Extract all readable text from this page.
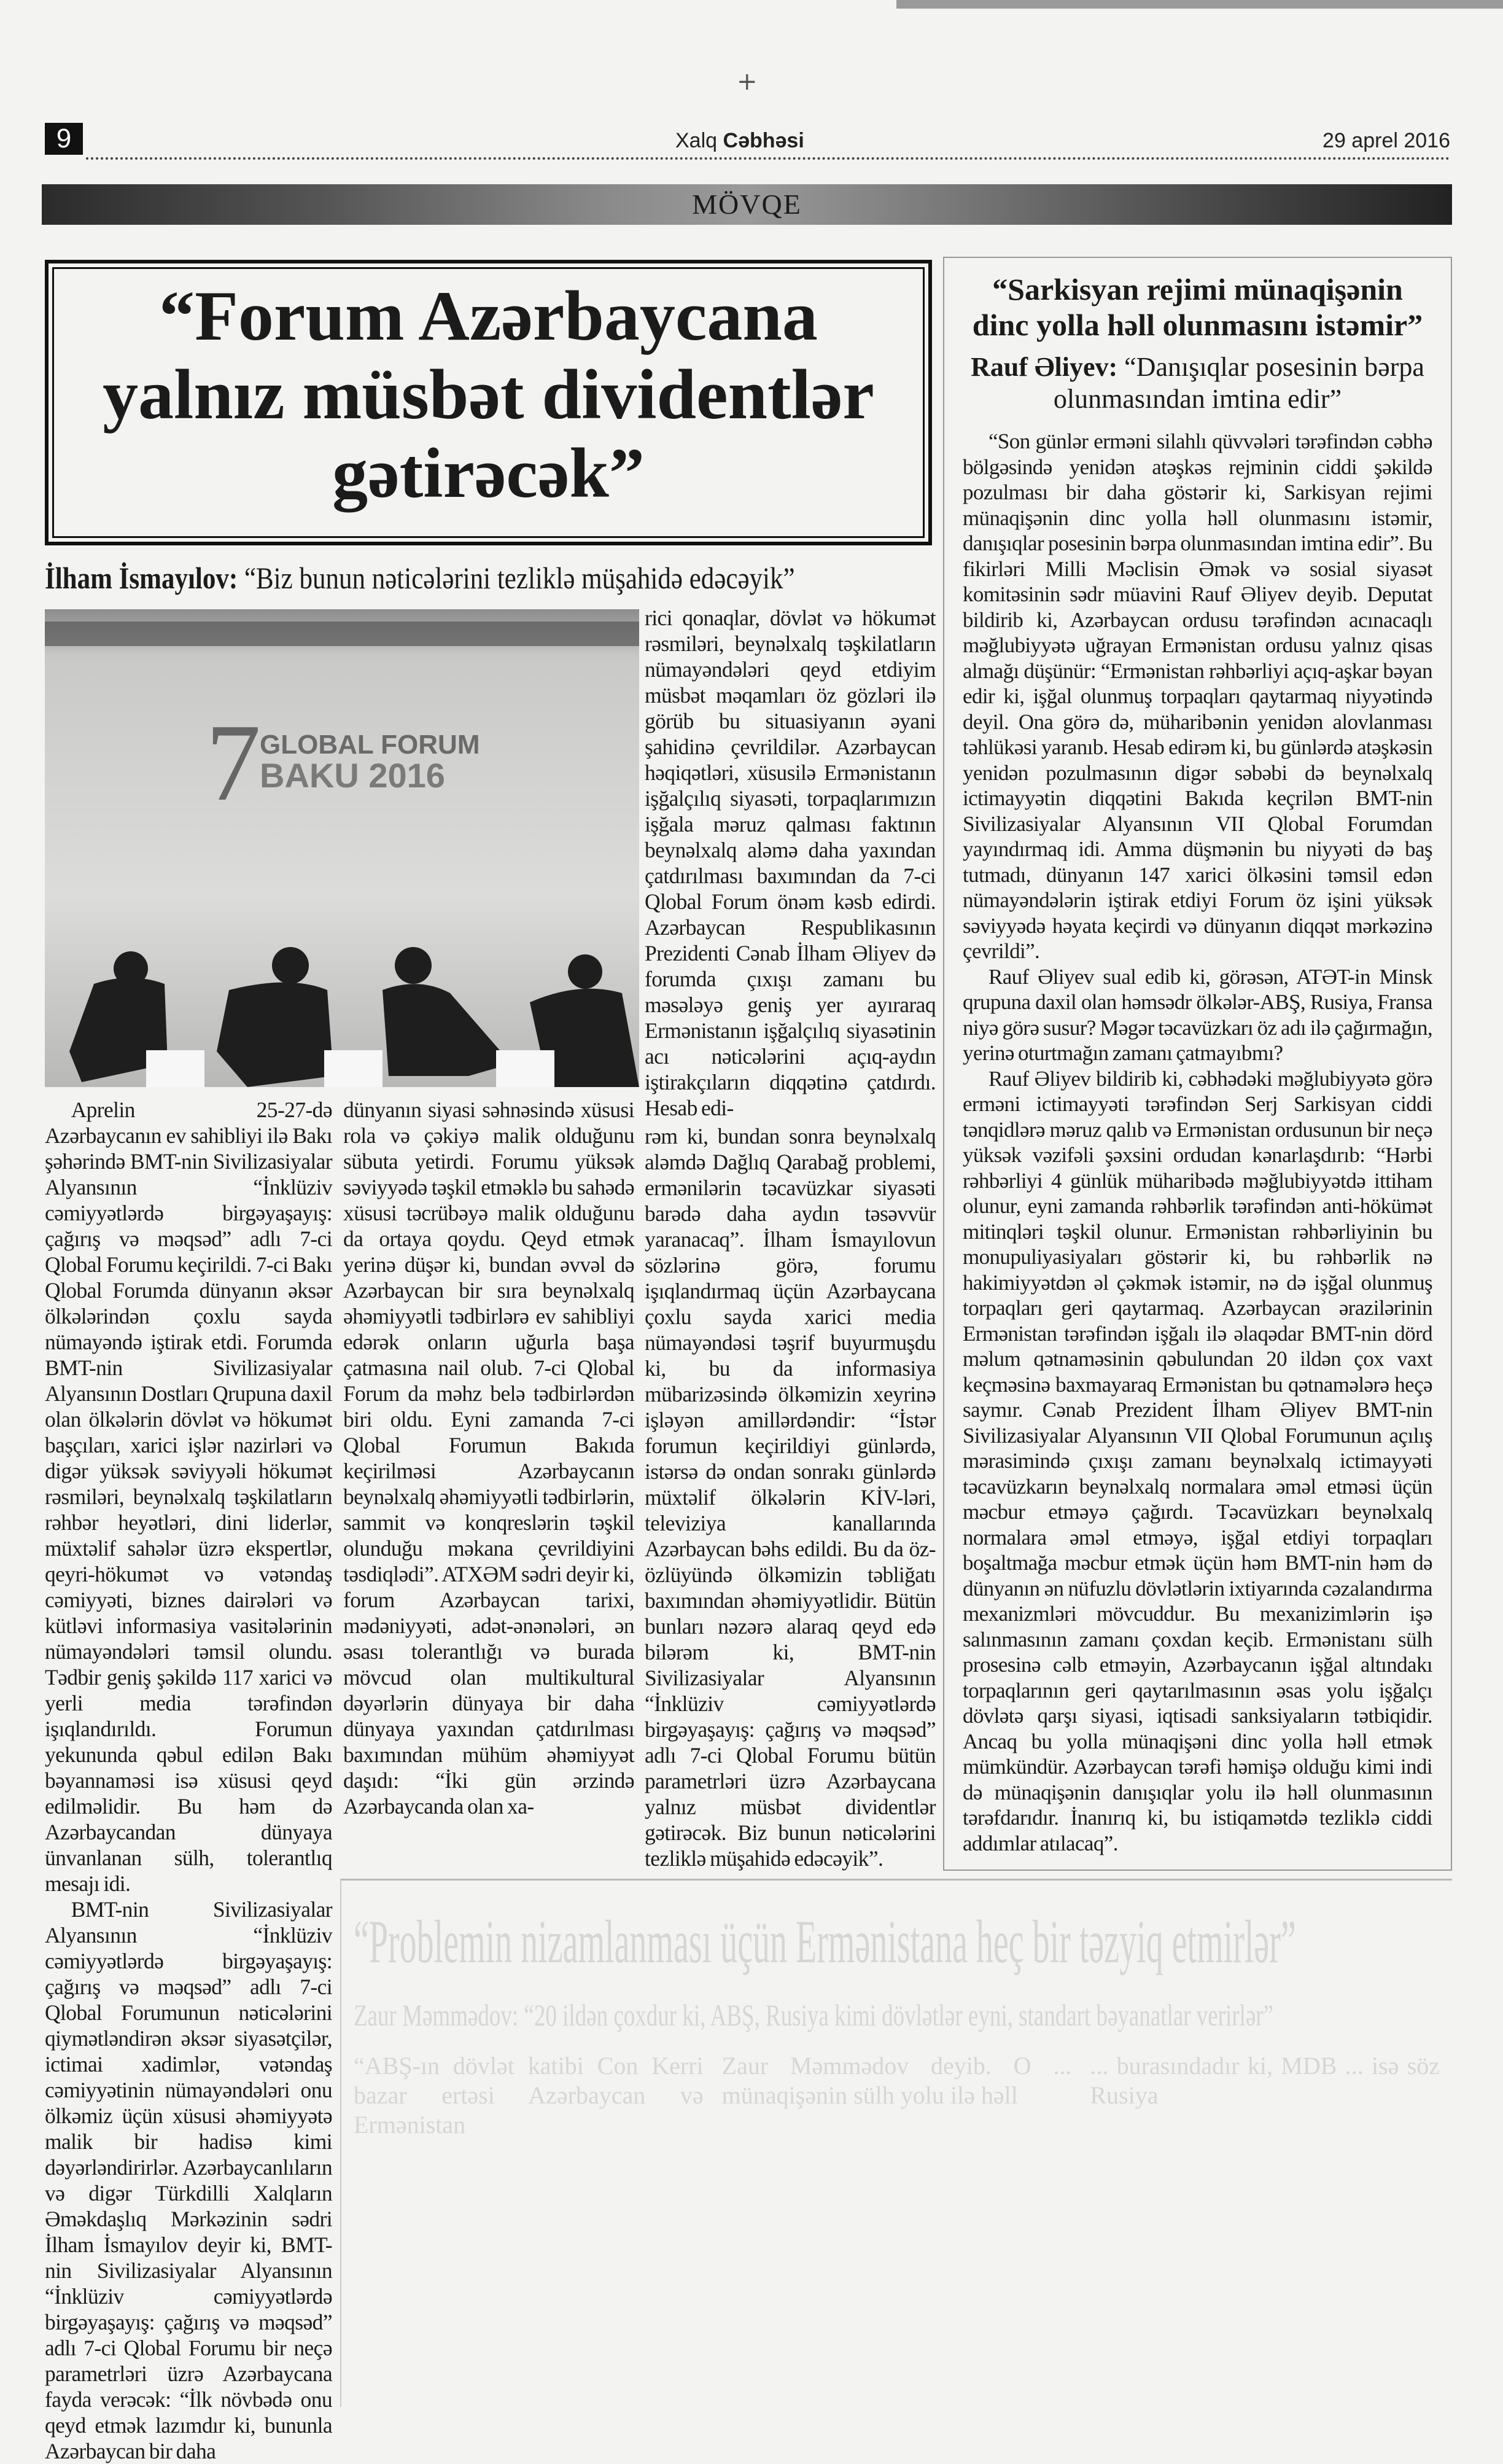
+
9	Xalq Cəbhəsi	29 aprel 2016
MÖVQE
“Forum Azərbaycana
yalnız müsbət dividentlər
gətirəcək”
İlham İsmayılov: “Biz bunun nəticələrini tezliklə müşahidə edəcəyik”
7
GLOBAL FORUM
BAKU 2016

rici qonaqlar, dövlət və hökumət rəsmiləri, beynəlxalq təşkilatların nümayəndələri qeyd etdiyim müsbət məqamları öz gözləri ilə görüb bu situasiyanın əyani şahidinə çevrildilər. Azərbaycan həqiqətləri, xüsusilə Ermənistanın işğalçılıq siyasəti, torpaqlarımızın işğala məruz qalması faktının beynəlxalq aləmə daha yaxından çatdırılması baxımından da 7-ci Qlobal Forum önəm kəsb edirdi. Azərbaycan Respublikasının Prezidenti Cənab İlham Əliyev də forumda çıxışı zamanı bu məsələyə geniş yer ayıraraq Ermənistanın işğalçılıq siyasətinin acı nəticələrini açıq-aydın iştirakçıların diqqətinə çatdırdı. Hesab edi-

Aprelin 25-27-də Azərbaycanın ev sahibliyi ilə Bakı şəhərində BMT-nin Sivilizasiyalar Alyansının “İnklüziv cəmiyyətlərdə birgəyaşayış: çağırış və məqsəd” adlı 7-ci Qlobal Forumu keçirildi. 7-ci Bakı Qlobal Forumda dünyanın əksər ölkələrindən çoxlu sayda nümayəndə iştirak etdi. Forumda BMT-nin Sivilizasiyalar Alyansının Dostları Qrupuna daxil olan ölkələrin dövlət və hökumət başçıları, xarici işlər nazirləri və digər yüksək səviyyəli hökumət rəsmiləri, beynəlxalq təşkilatların rəhbər heyətləri, dini liderlər, müxtəlif sahələr üzrə ekspertlər, qeyri-hökumət və vətəndaş cəmiyyəti, biznes dairələri və kütləvi informasiya vasitələrinin nümayəndələri təmsil olundu. Tədbir geniş şəkildə 117 xarici və yerli media tərəfindən işıqlandırıldı. Forumun yekununda qəbul edilən Bakı bəyannaməsi isə xüsusi qeyd edilməlidir. Bu həm də Azərbaycandan dünyaya ünvanlanan sülh, tolerantlıq mesajı idi.

BMT-nin Sivilizasiyalar Alyansının “İnklüziv cəmiyyətlərdə birgəyaşayış: çağırış və məqsəd” adlı 7-ci Qlobal Forumunun nəticələrini qiymətləndirən əksər siyasətçilər, ictimai xadimlər, vətəndaş cəmiyyətinin nümayəndələri onu ölkəmiz üçün xüsusi əhəmiyyətə malik bir hadisə kimi dəyərləndirirlər. Azərbaycanlıların və digər Türkdilli Xalqların Əməkdaşlıq Mərkəzinin sədri İlham İsmayılov deyir ki, BMT-nin Sivilizasiyalar Alyansının “İnklüziv cəmiyyətlərdə birgəyaşayış: çağırış və məqsəd” adlı 7-ci Qlobal Forumu bir neçə parametrləri üzrə Azərbaycana fayda verəcək: “İlk növbədə onu qeyd etmək lazımdır ki, bununla Azərbaycan bir daha

dünyanın siyasi səhnəsində xüsusi rola və çəkiyə malik olduğunu sübuta yetirdi. Forumu yüksək səviyyədə təşkil etməklə bu sahədə xüsusi təcrübəyə malik olduğunu da ortaya qoydu. Qeyd etmək yerinə düşər ki, bundan əvvəl də Azərbaycan bir sıra beynəlxalq əhəmiyyətli tədbirlərə ev sahibliyi edərək onların uğurla başa çatmasına nail olub. 7-ci Qlobal Forum da məhz belə tədbirlərdən biri oldu. Eyni zamanda 7-ci Qlobal Forumun Bakıda keçirilməsi Azərbaycanın beynəlxalq əhəmiyyətli tədbirlərin, sammit və konqreslərin təşkil olunduğu məkana çevrildiyini təsdiqlədi”. ATXƏM sədri deyir ki, forum Azərbaycan tarixi, mədəniyyəti, adət-ənənələri, ən əsası tolerantlığı və burada mövcud olan multikultural dəyərlərin dünyaya bir daha dünyaya yaxından çatdırılması baxımından mühüm əhəmiyyət daşıdı: “İki gün ərzində Azərbaycanda olan xa-

rəm ki, bundan sonra beynəlxalq aləmdə Dağlıq Qarabağ problemi, ermənilərin təcavüzkar siyasəti barədə daha aydın təsəvvür yaranacaq”. İlham İsmayılovun sözlərinə görə, forumu işıqlandırmaq üçün Azərbaycana çoxlu sayda xarici media nümayəndəsi təşrif buyurmuşdu ki, bu da informasiya mübarizəsində ölkəmizin xeyrinə işləyən amillərdəndir: “İstər forumun keçirildiyi günlərdə, istərsə də ondan sonrakı günlərdə müxtəlif ölkələrin KİV-ləri, televiziya kanallarında Azərbaycan bəhs edildi. Bu da öz-özlüyündə ölkəmizin təbliğatı baxımından əhəmiyyətlidir. Bütün bunları nəzərə alaraq qeyd edə bilərəm ki, BMT-nin Sivilizasiyalar Alyansının “İnklüziv cəmiyyətlərdə birgəyaşayış: çağırış və məqsəd” adlı 7-ci Qlobal Forumu bütün parametrləri üzrə Azərbaycana yalnız müsbət dividentlər gətirəcək. Biz bunun nəticələrini tezliklə müşahidə edəcəyik”.

“Sarkisyan rejimi münaqişənin dinc yolla həll olunmasını istəmir”
Rauf Əliyev: “Danışıqlar posesinin bərpa olunmasından imtina edir”

“Son günlər erməni silahlı qüvvələri tərəfindən cəbhə bölgəsində yenidən atəşkəs rejminin ciddi şəkildə pozulması bir daha göstərir ki, Sarkisyan rejimi münaqişənin dinc yolla həll olunmasını istəmir, danışıqlar posesinin bərpa olunmasından imtina edir”. Bu fikirləri Milli Məclisin Əmək və sosial siyasət komitəsinin sədr müavini Rauf Əliyev deyib. Deputat bildirib ki, Azərbaycan ordusu tərəfindən acınacaqlı məğlubiyyətə uğrayan Ermənistan ordusu yalnız qisas almağı düşünür: “Ermənistan rəhbərliyi açıq-aşkar bəyan edir ki, işğal olunmuş torpaqları qaytarmaq niyyətində deyil. Ona görə də, müharibənin yenidən alovlanması təhlükəsi yaranıb. Hesab edirəm ki, bu günlərdə atəşkəsin yenidən pozulmasının digər səbəbi də beynəlxalq ictimayyətin diqqətini Bakıda keçrilən BMT-nin Sivilizasiyalar Alyansının VII Qlobal Forumdan yayındırmaq idi. Amma düşmənin bu niyyəti də baş tutmadı, dünyanın 147 xarici ölkəsini təmsil edən nümayəndələrin iştirak etdiyi Forum öz işini yüksək səviyyədə həyata keçirdi və dünyanın diqqət mərkəzinə çevrildi”.

Rauf Əliyev sual edib ki, görəsən, ATƏT-in Minsk qrupuna daxil olan həmsədr ölkələr-ABŞ, Rusiya, Fransa niyə görə susur? Məgər təcavüzkarı öz adı ilə çağırmağın, yerinə oturtmağın zamanı çatmayıbmı?

Rauf Əliyev bildirib ki, cəbhədəki məğlubiyyətə görə erməni ictimayyəti tərəfindən Serj Sarkisyan ciddi tənqidlərə məruz qalıb və Ermənistan ordusunun bir neçə yüksək vəzifəli şəxsini ordudan kənarlaşdırıb: “Hərbi rəhbərliyi 4 günlük müharibədə məğlubiyyətdə ittiham olunur, eyni zamanda rəhbərlik tərəfindən anti-hökümət mitinqləri təşkil olunur. Ermənistan rəhbərliyinin bu monupuliyasiyaları göstərir ki, bu rəhbərlik nə hakimiyyətdən əl çəkmək istəmir, nə də işğal olunmuş torpaqları geri qaytarmaq. Azərbaycan ərazilərinin Ermənistan tərəfindən işğalı ilə əlaqədar BMT-nin dörd məlum qətnaməsinin qəbulundan 20 ildən çox vaxt keçməsinə baxmayaraq Ermənistan bu qətnamələrə heçə saymır. Cənab Prezident İlham Əliyev BMT-nin Sivilizasiyalar Alyansının VII Qlobal Forumunun açılış mərasimində çıxışı zamanı beynəlxalq ictimayyəti təcavüzkarın beynəlxalq normalara əməl etməsi üçün məcbur etməyə çağırdı. Təcavüzkarı beynəlxalq normalara əməl etməyə, işğal etdiyi torpaqları boşaltmağa məcbur etmək üçün həm BMT-nin həm də dünyanın ən nüfuzlu dövlətlərin ixtiyarında cəzalandırma mexanizmləri mövcuddur. Bu mexanizimlərin işə salınmasının zamanı çoxdan keçib. Ermənistanı sülh prosesinə cəlb etməyin, Azərbaycanın işğal altındakı torpaqlarının geri qaytarılmasının əsas yolu işğalçı dövlətə qarşı siyasi, iqtisadi sanksiyaların tətbiqidir. Ancaq bu yolla münaqişəni dinc yolla həll etmək mümkündür. Azərbaycan tərəfi həmişə olduğu kimi indi də münaqişənin danışıqlar yolu ilə həll olunmasının tərəfdarıdır. İnanırıq ki, bu istiqamətdə tezliklə ciddi addımlar atılacaq”.

“Problemin nizamlanması üçün Ermənistana heç bir təzyiq etmirlər”
Zaur Məmmədov: “20 ildən çoxdur ki, ABŞ, Rusiya kimi dövlətlər eyni, standart bəyanatlar verirlər”
“ABŞ-ın dövlət katibi Con Kerri bazar ertəsi Azərbaycan və Ermənistan
Zaur Məmmədov deyib. O ... münaqişənin sülh yolu ilə həll
... burasındadır ki, MDB ... isə söz Rusiya
